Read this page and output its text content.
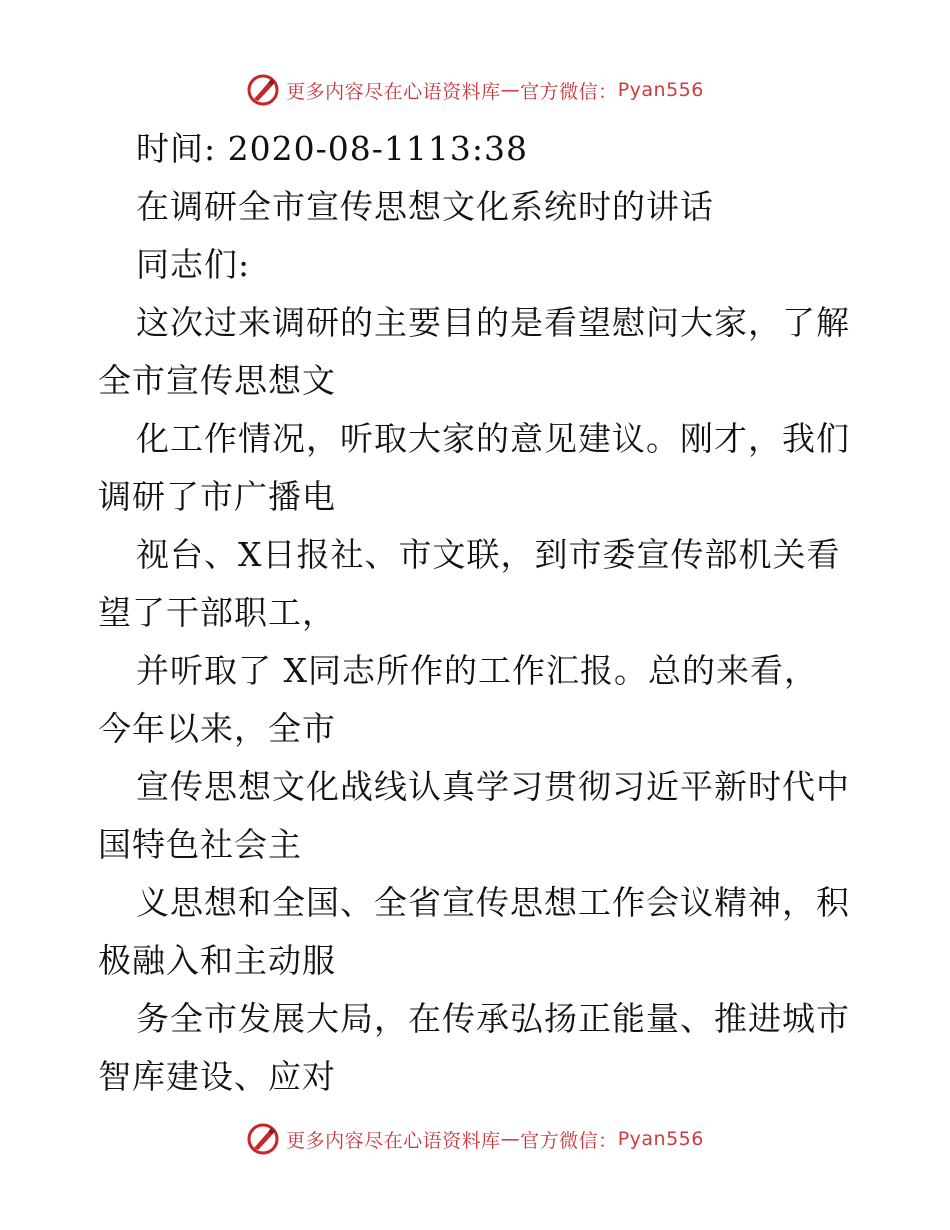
更多内容尽在心语资料库 — 官方微信： Pyan556
时间: 2020-08-1113:38
在调研全市宣传思想文化系统时的讲话
同志们:
这次过来调研的主要目的是看望慰问大家，了解
全市宣传思想文
化工作情况，听取大家的意见建议。刚才，我们
调研了市广播电
视台、X日报社、市文联，到市委宣传部机关看
望了干部职工，
并听取了 X同志所作的工作汇报。总的来看，
今年以来，全市
宣传思想文化战线认真学习贯彻习近平新时代中
国特色社会主
义思想和全国、全省宣传思想工作会议精神，积
极融入和主动服
务全市发展大局，在传承弘扬正能量、推进城市
智库建设、应对
更多内容尽在心语资料库 — 官方微信： Pyan556
